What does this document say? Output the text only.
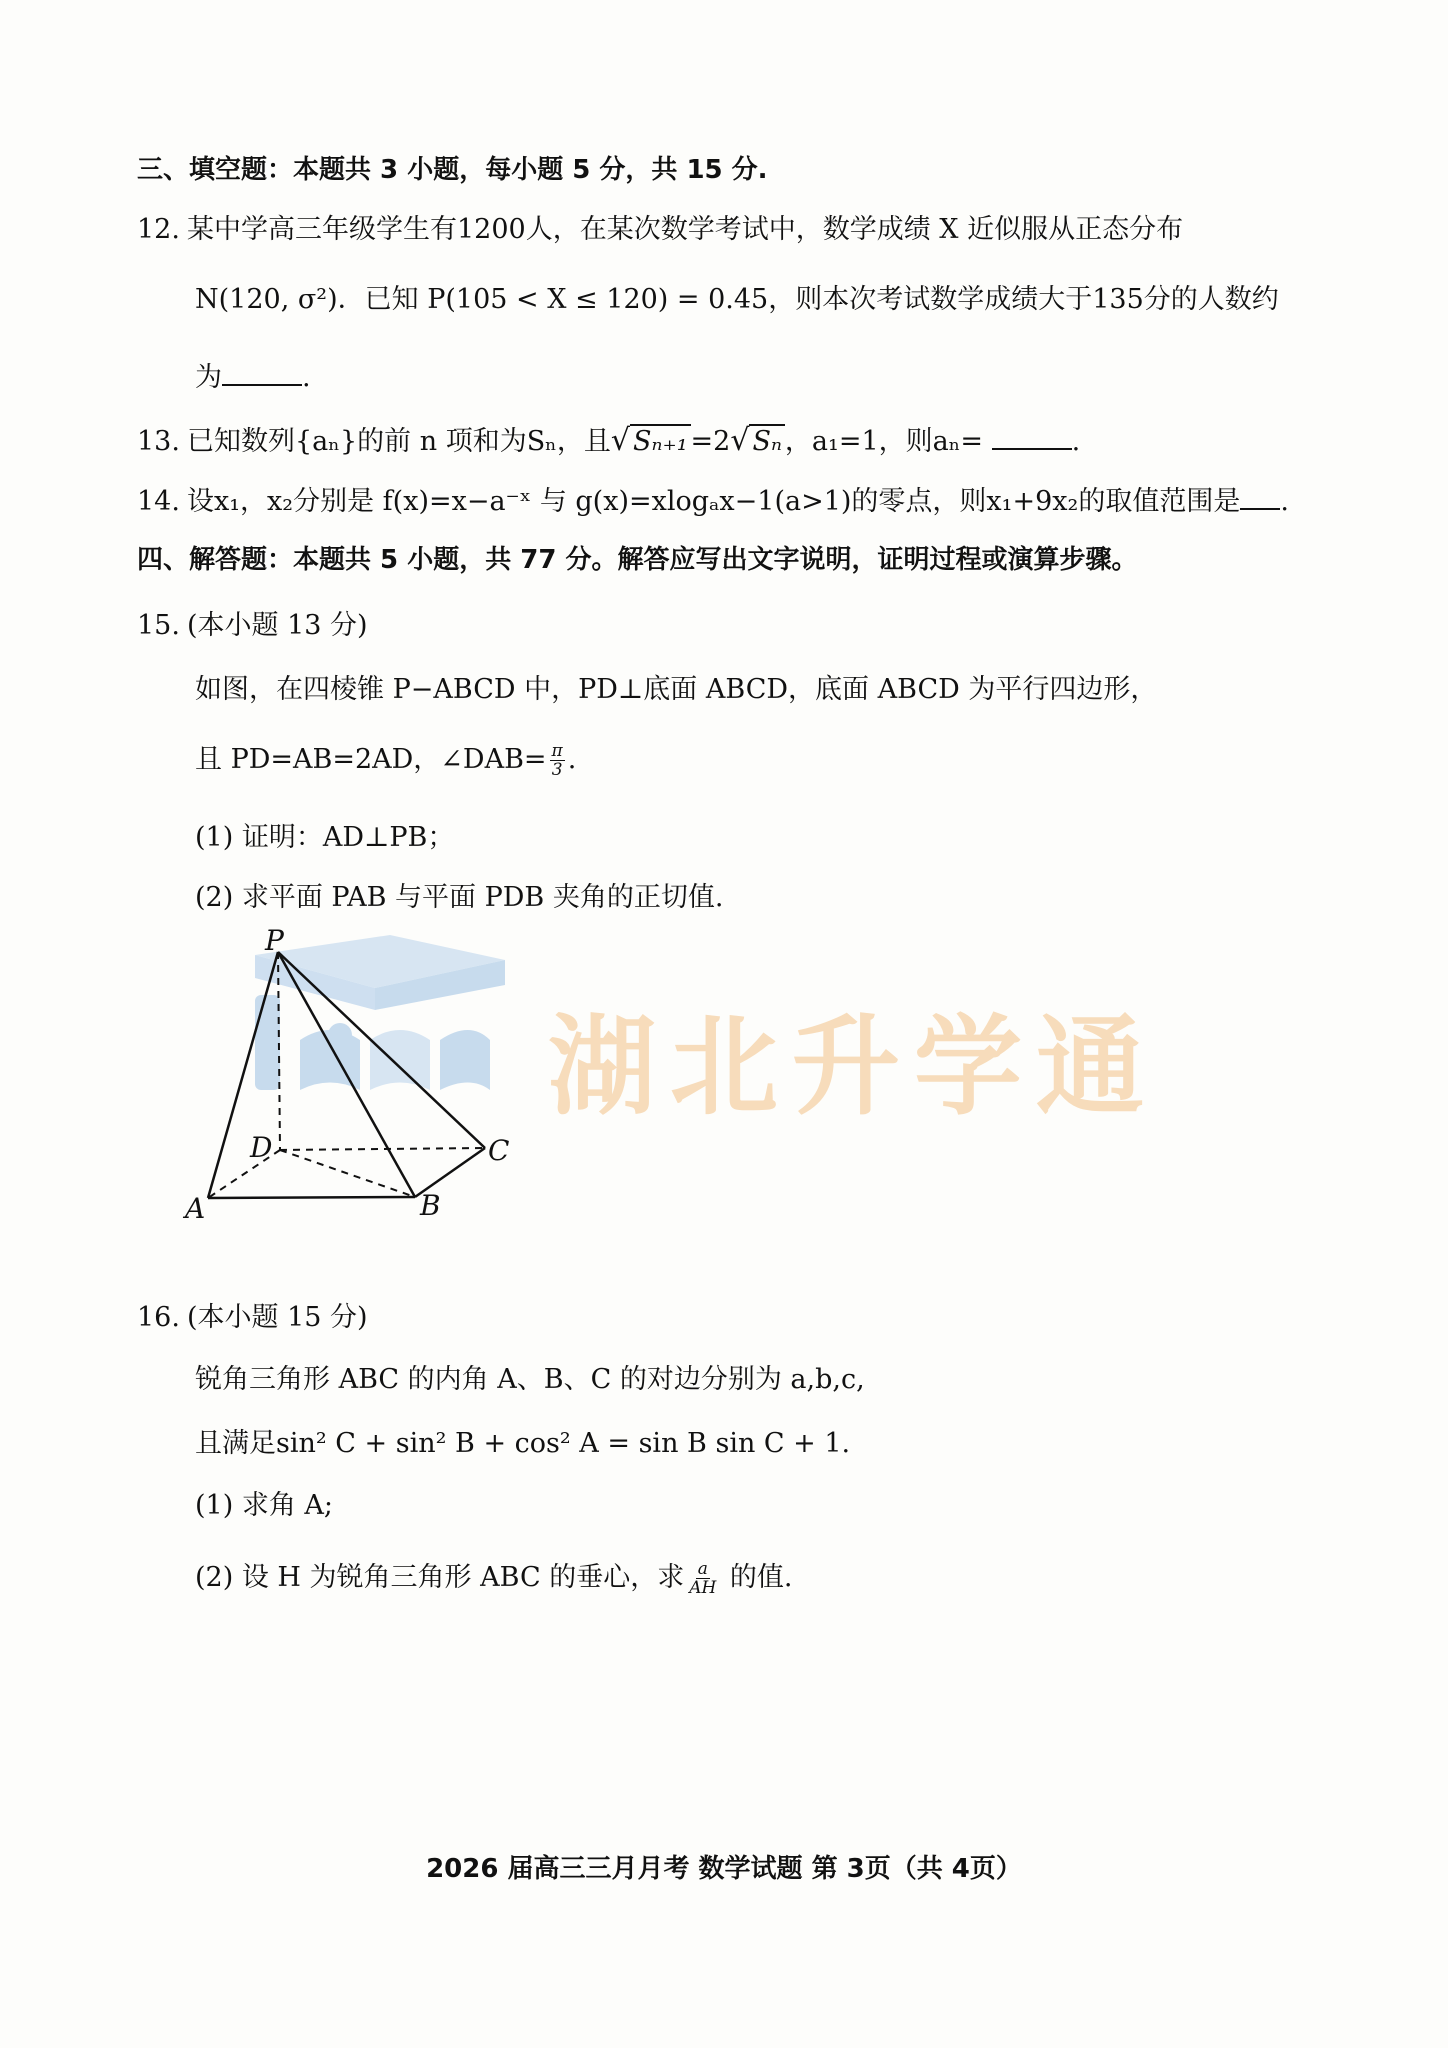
三、填空题：本题共 3 小题，每小题 5 分，共 15 分.
12. 某中学高三年级学生有1200人，在某次数学考试中，数学成绩 X 近似服从正态分布
N(120, σ²)．已知 P(105 < X ≤ 120) = 0.45，则本次考试数学成绩大于135分的人数约
为	.
13. 已知数列{aₙ}的前 n 项和为Sₙ，且√ Sₙ₊₁ =2√ Sₙ ，a₁=1，则aₙ=	.
14. 设x₁，x₂分别是 f(x)=x−a⁻ˣ 与 g(x)=xlogₐx−1(a>1)的零点，则x₁+9x₂的取值范围是 .
四、解答题：本题共 5 小题，共 77 分。解答应写出文字说明，证明过程或演算步骤。
15. (本小题 13 分)
如图，在四棱锥 P−ABCD 中，PD⊥底面 ABCD，底面 ABCD 为平行四边形，
且 PD=AB=2AD，∠DAB= $\frac{\pi}{3}$ .
(1) 证明：AD⊥PB；
(2) 求平面 PAB 与平面 PDB 夹角的正切值.
湖北升学通
P
D	C
A	B
16. (本小题 15 分)
锐角三角形 ABC 的内角 A、B、C 的对边分别为 a,b,c,
且满足sin² C + sin² B + cos² A = sin B sin C + 1.
(1) 求角 A;
(2) 设 H 为锐角三角形 ABC 的垂心，求 $\frac{a}{AH}$ 的值.
2026 届高三三月月考 数学试题 第 3页（共 4页）
